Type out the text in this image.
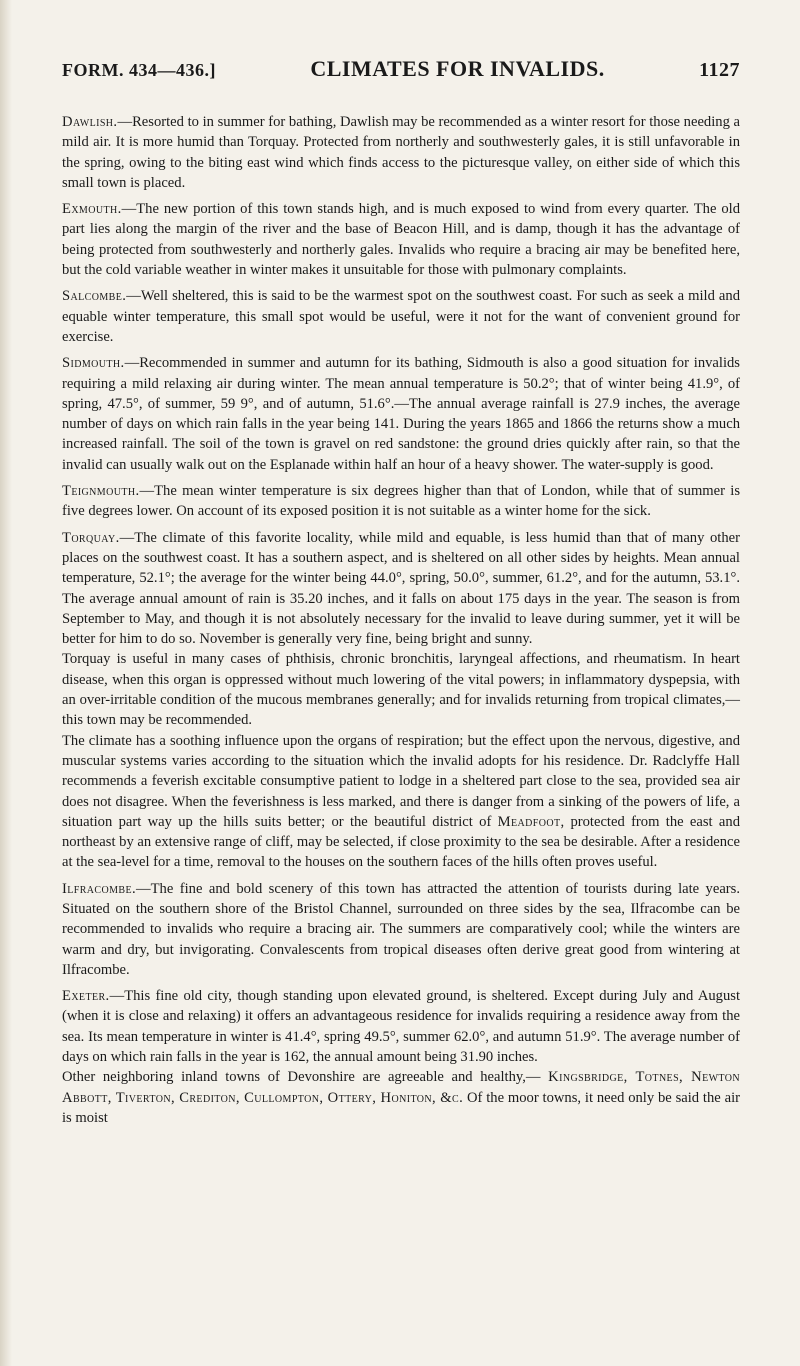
FORM. 434—436.]	CLIMATES FOR INVALIDS.	1127

Dawlish.—Resorted to in summer for bathing, Dawlish may be recommended as a winter resort for those needing a mild air. It is more humid than Torquay. Protected from northerly and southwesterly gales, it is still unfavorable in the spring, owing to the biting east wind which finds access to the picturesque valley, on either side of which this small town is placed.

Exmouth.—The new portion of this town stands high, and is much exposed to wind from every quarter. The old part lies along the margin of the river and the base of Beacon Hill, and is damp, though it has the advantage of being protected from southwesterly and northerly gales. Invalids who require a bracing air may be benefited here, but the cold variable weather in winter makes it unsuitable for those with pulmonary complaints.

Salcombe.—Well sheltered, this is said to be the warmest spot on the southwest coast. For such as seek a mild and equable winter temperature, this small spot would be useful, were it not for the want of convenient ground for exercise.

Sidmouth.—Recommended in summer and autumn for its bathing, Sidmouth is also a good situation for invalids requiring a mild relaxing air during winter. The mean annual temperature is 50.2°; that of winter being 41.9°, of spring, 47.5°, of summer, 59 9°, and of autumn, 51.6°.—The annual average rainfall is 27.9 inches, the average number of days on which rain falls in the year being 141. During the years 1865 and 1866 the returns show a much increased rainfall. The soil of the town is gravel on red sandstone: the ground dries quickly after rain, so that the invalid can usually walk out on the Esplanade within half an hour of a heavy shower. The water-supply is good.

Teignmouth.—The mean winter temperature is six degrees higher than that of London, while that of summer is five degrees lower. On account of its exposed position it is not suitable as a winter home for the sick.

Torquay.—The climate of this favorite locality, while mild and equable, is less humid than that of many other places on the southwest coast. It has a southern aspect, and is sheltered on all other sides by heights. Mean annual temperature, 52.1°; the average for the winter being 44.0°, spring, 50.0°, summer, 61.2°, and for the autumn, 53.1°. The average annual amount of rain is 35.20 inches, and it falls on about 175 days in the year. The season is from September to May, and though it is not absolutely necessary for the invalid to leave during summer, yet it will be better for him to do so. November is generally very fine, being bright and sunny.

Torquay is useful in many cases of phthisis, chronic bronchitis, laryngeal affections, and rheumatism. In heart disease, when this organ is oppressed without much lowering of the vital powers; in inflammatory dyspepsia, with an over-irritable condition of the mucous membranes generally; and for invalids returning from tropical climates,—this town may be recommended.

The climate has a soothing influence upon the organs of respiration; but the effect upon the nervous, digestive, and muscular systems varies according to the situation which the invalid adopts for his residence. Dr. Radclyffe Hall recommends a feverish excitable consumptive patient to lodge in a sheltered part close to the sea, provided sea air does not disagree. When the feverishness is less marked, and there is danger from a sinking of the powers of life, a situation part way up the hills suits better; or the beautiful district of Meadfoot, protected from the east and northeast by an extensive range of cliff, may be selected, if close proximity to the sea be desirable. After a residence at the sea-level for a time, removal to the houses on the southern faces of the hills often proves useful.

Ilfracombe.—The fine and bold scenery of this town has attracted the attention of tourists during late years. Situated on the southern shore of the Bristol Channel, surrounded on three sides by the sea, Ilfracombe can be recommended to invalids who require a bracing air. The summers are comparatively cool; while the winters are warm and dry, but invigorating. Convalescents from tropical diseases often derive great good from wintering at Ilfracombe.

Exeter.—This fine old city, though standing upon elevated ground, is sheltered. Except during July and August (when it is close and relaxing) it offers an advantageous residence for invalids requiring a residence away from the sea. Its mean temperature in winter is 41.4°, spring 49.5°, summer 62.0°, and autumn 51.9°. The average number of days on which rain falls in the year is 162, the annual amount being 31.90 inches.

Other neighboring inland towns of Devonshire are agreeable and healthy,— Kingsbridge, Totnes, Newton Abbott, Tiverton, Crediton, Cullompton, Ottery, Honiton, &c. Of the moor towns, it need only be said the air is moist
